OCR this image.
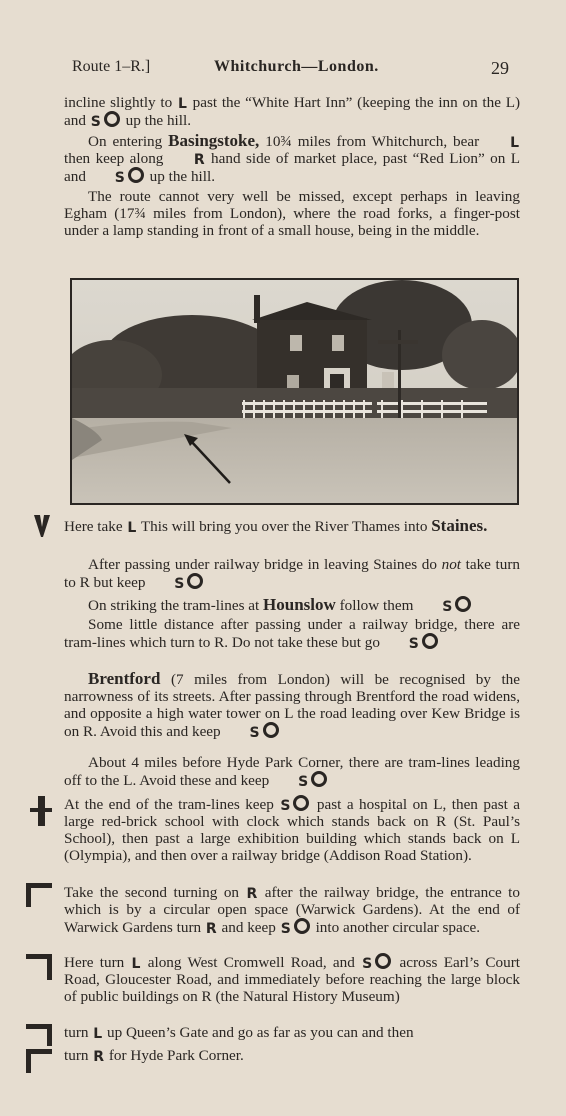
Route 1–R.]	Whitchurch—London.	29
incline slightly to L past the “White Hart Inn” (keeping the inn on the L) and S up the hill.
On entering Basingstoke, 10¾ miles from Whitchurch, bear L then keep along R hand side of market place, past “Red Lion” on L and S up the hill.
The route cannot very well be missed, except perhaps in leaving Egham (17¾ miles from London), where the road forks, a finger-post under a lamp standing in front of a small house, being in the middle.
Here take L This will bring you over the River Thames into Staines.
After passing under railway bridge in leaving Staines do not take turn to R but keep S
On striking the tram-lines at Hounslow follow them S
Some little distance after passing under a railway bridge, there are tram-lines which turn to R. Do not take these but go S
Brentford (7 miles from London) will be recognised by the narrowness of its streets. After passing through Brentford the road widens, and opposite a high water tower on L the road leading over Kew Bridge is on R. Avoid this and keep S
About 4 miles before Hyde Park Corner, there are tram-lines leading off to the L. Avoid these and keep S
At the end of the tram-lines keep S past a hospital on L, then past a large red-brick school with clock which stands back on R (St. Paul’s School), then past a large exhibition building which stands back on L (Olympia), and then over a railway bridge (Addison Road Station).
Take the second turning on R after the railway bridge, the entrance to which is by a circular open space (Warwick Gardens). At the end of Warwick Gardens turn R and keep S into another circular space.
Here turn L along West Cromwell Road, and S across Earl’s Court Road, Gloucester Road, and immediately before reaching the large block of public buildings on R (the Natural History Museum)
turn L up Queen’s Gate and go as far as you can and then
turn R for Hyde Park Corner.
